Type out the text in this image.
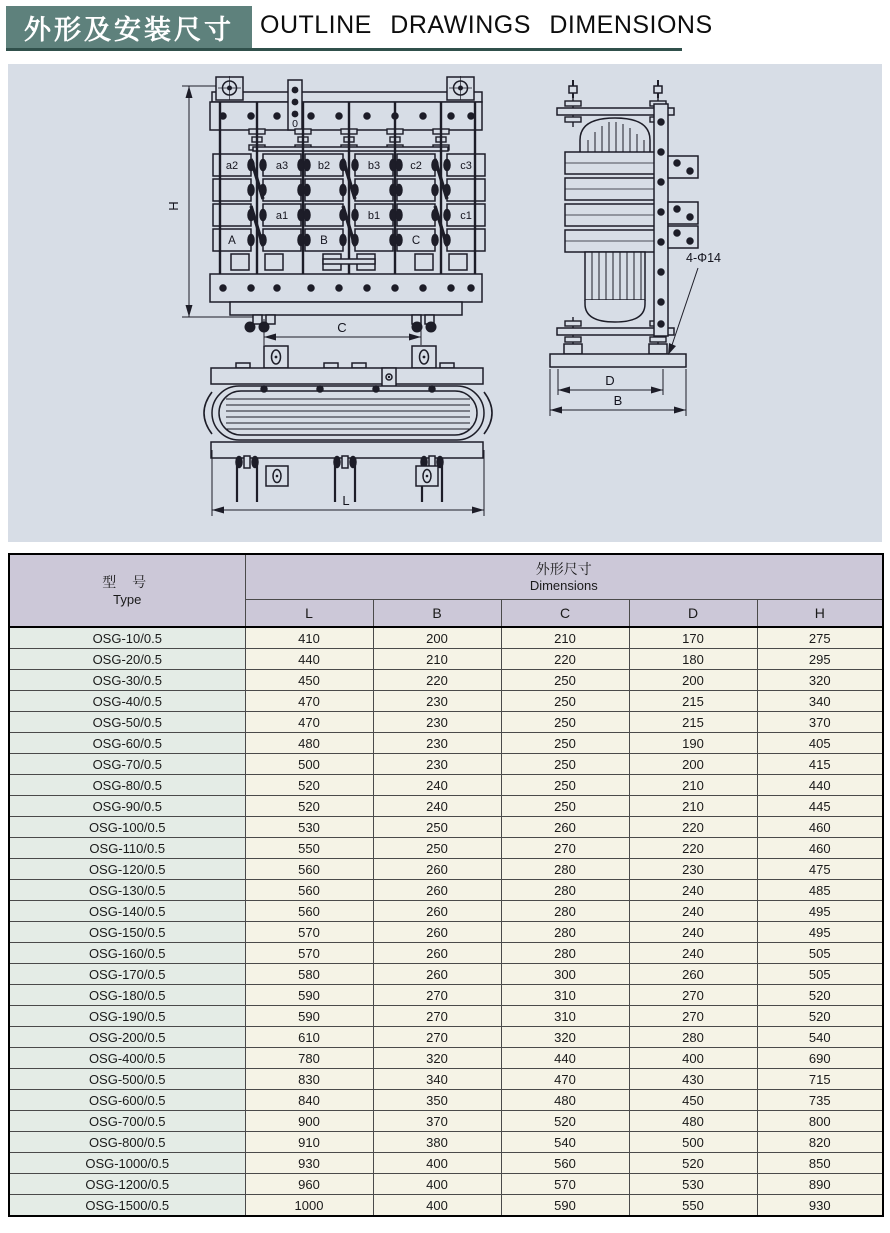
外形及安装尺寸 OUTLINE DRAWINGS DIMENSIONS
H
0
a2	a3	b2	b3	c2	c3
a1	b1	c1
A	B	C
C
4-Φ14
D
B
L
型 号
Type

外形尺寸
Dimensions

	L	B	C	D	H
OSG-10/0.5	410	200	210	170	275
OSG-20/0.5	440	210	220	180	295
OSG-30/0.5	450	220	250	200	320
OSG-40/0.5	470	230	250	215	340
OSG-50/0.5	470	230	250	215	370
OSG-60/0.5	480	230	250	190	405
OSG-70/0.5	500	230	250	200	415
OSG-80/0.5	520	240	250	210	440
OSG-90/0.5	520	240	250	210	445
OSG-100/0.5	530	250	260	220	460
OSG-110/0.5	550	250	270	220	460
OSG-120/0.5	560	260	280	230	475
OSG-130/0.5	560	260	280	240	485
OSG-140/0.5	560	260	280	240	495
OSG-150/0.5	570	260	280	240	495
OSG-160/0.5	570	260	280	240	505
OSG-170/0.5	580	260	300	260	505
OSG-180/0.5	590	270	310	270	520
OSG-190/0.5	590	270	310	270	520
OSG-200/0.5	610	270	320	280	540
OSG-400/0.5	780	320	440	400	690
OSG-500/0.5	830	340	470	430	715
OSG-600/0.5	840	350	480	450	735
OSG-700/0.5	900	370	520	480	800
OSG-800/0.5	910	380	540	500	820
OSG-1000/0.5	930	400	560	520	850
OSG-1200/0.5	960	400	570	530	890
OSG-1500/0.5	1000	400	590	550	930
